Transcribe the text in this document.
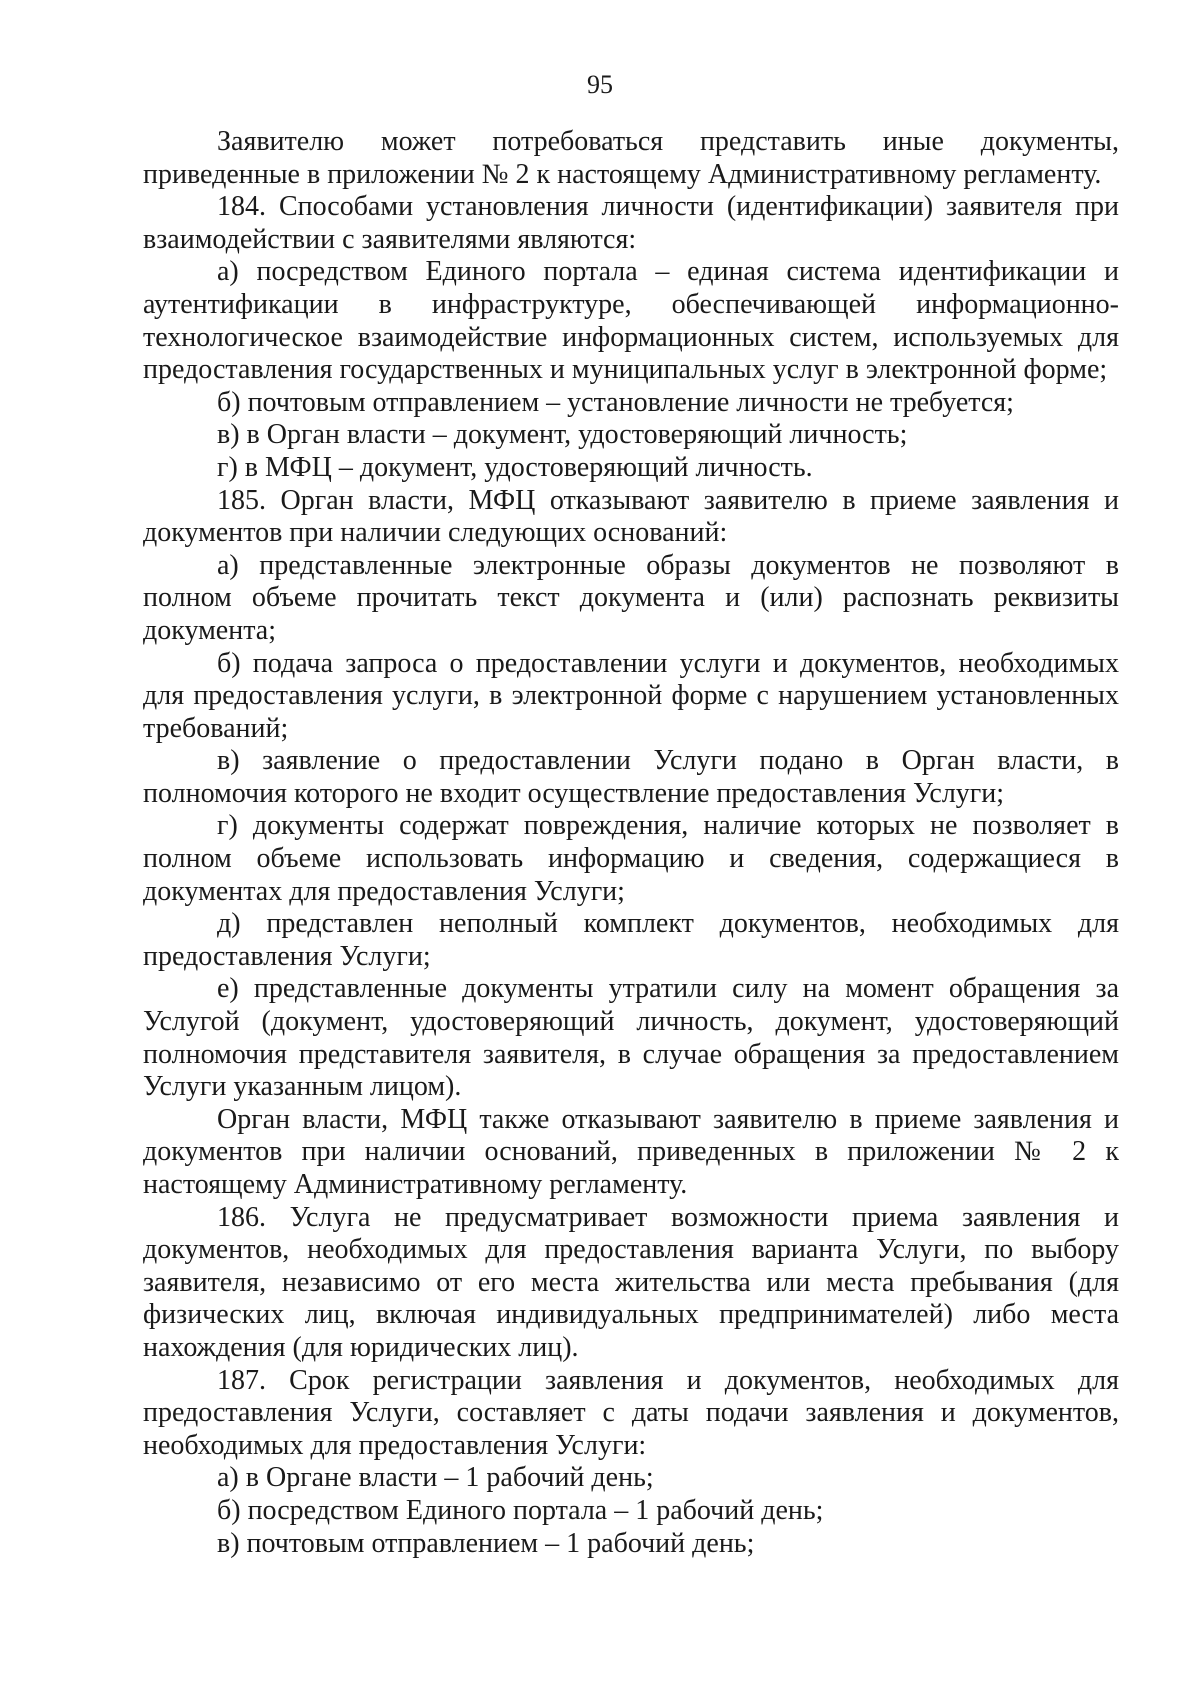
95

Заявителю может потребоваться представить иные документы, приведенные в приложении № 2 к настоящему Административному регламенту.

184. Способами установления личности (идентификации) заявителя при взаимодействии с заявителями являются:

а) посредством Единого портала – единая система идентификации и аутентификации в инфраструктуре, обеспечивающей информационно-технологическое взаимодействие информационных систем, используемых для предоставления государственных и муниципальных услуг в электронной форме;

б) почтовым отправлением – установление личности не требуется;

в) в Орган власти – документ, удостоверяющий личность;

г) в МФЦ – документ, удостоверяющий личность.

185. Орган власти, МФЦ отказывают заявителю в приеме заявления и документов при наличии следующих оснований:

а) представленные электронные образы документов не позволяют в полном объеме прочитать текст документа и (или) распознать реквизиты документа;

б) подача запроса о предоставлении услуги и документов, необходимых для предоставления услуги, в электронной форме с нарушением установленных требований;

в) заявление о предоставлении Услуги подано в Орган власти, в полномочия которого не входит осуществление предоставления Услуги;

г) документы содержат повреждения, наличие которых не позволяет в полном объеме использовать информацию и сведения, содержащиеся в документах для предоставления Услуги;

д) представлен неполный комплект документов, необходимых для предоставления Услуги;

е) представленные документы утратили силу на момент обращения за Услугой (документ, удостоверяющий личность, документ, удостоверяющий полномочия представителя заявителя, в случае обращения за предоставлением Услуги указанным лицом).

Орган власти, МФЦ также отказывают заявителю в приеме заявления и документов при наличии оснований, приведенных в приложении № 2 к настоящему Административному регламенту.

186. Услуга не предусматривает возможности приема заявления и документов, необходимых для предоставления варианта Услуги, по выбору заявителя, независимо от его места жительства или места пребывания (для физических лиц, включая индивидуальных предпринимателей) либо места нахождения (для юридических лиц).

187. Срок регистрации заявления и документов, необходимых для предоставления Услуги, составляет с даты подачи заявления и документов, необходимых для предоставления Услуги:

а) в Органе власти – 1 рабочий день;

б) посредством Единого портала – 1 рабочий день;

в) почтовым отправлением – 1 рабочий день;
